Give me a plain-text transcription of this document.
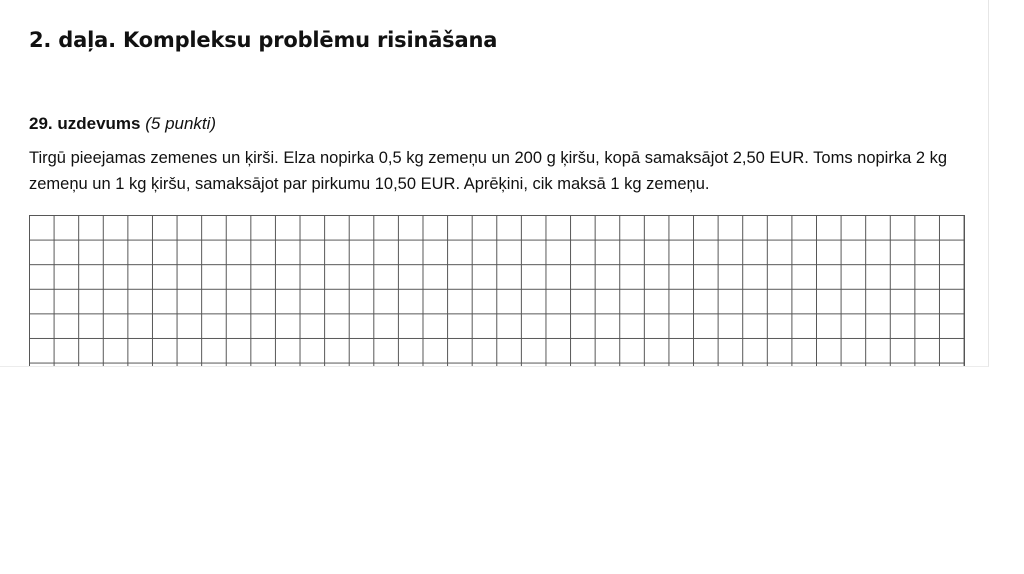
2. daļa. Kompleksu problēmu risināšana

29. uzdevums (5 punkti)

Tirgū pieejamas zemenes un ķirši. Elza nopirka 0,5 kg zemeņu un 200 g ķiršu, kopā samaksājot 2,50 EUR. Toms nopirka 2 kg zemeņu un 1 kg ķiršu, samaksājot par pirkumu 10,50 EUR. Aprēķini, cik maksā 1 kg zemeņu.
